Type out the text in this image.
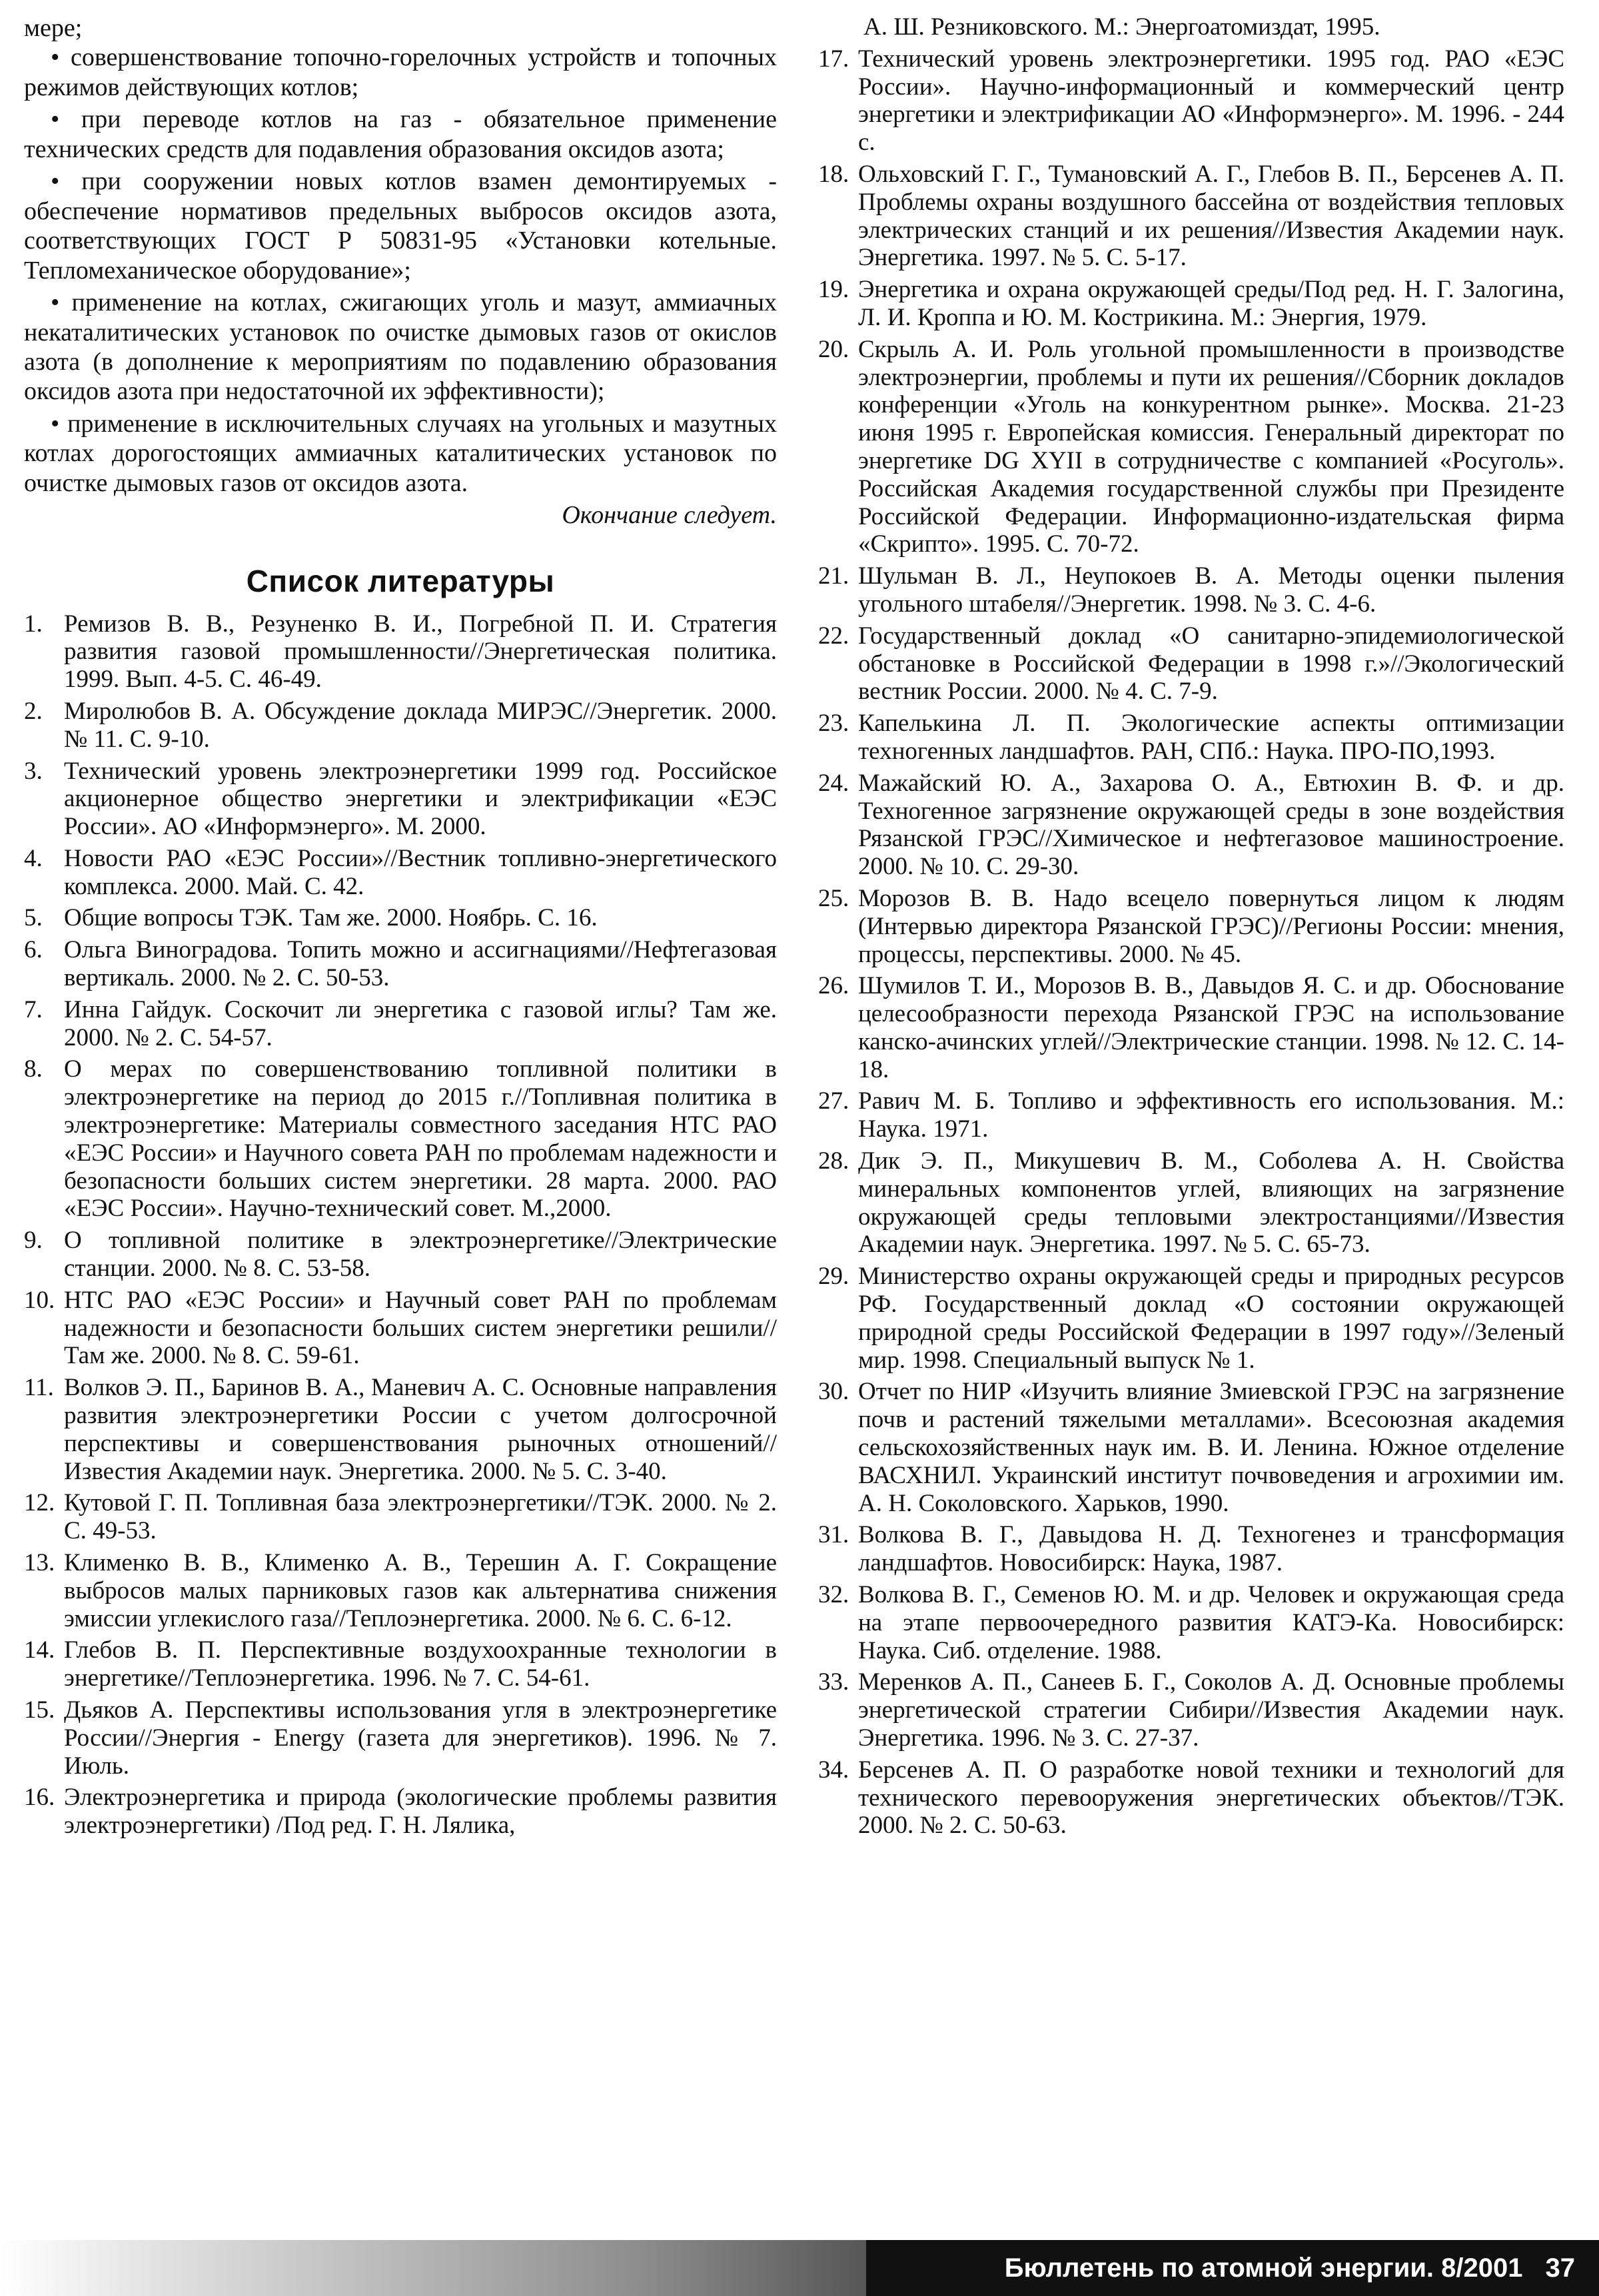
мере;

• совершенствование топочно-горелочных устройств и топочных режимов действующих котлов;

• при переводе котлов на газ - обязательное применение технических средств для подавления образования оксидов азота;

• при сооружении новых котлов взамен демонтируемых - обеспечение нормативов предельных выбросов оксидов азота, соответствующих ГОСТ Р 50831-95 «Установки котельные. Тепломеханическое оборудование»;

• применение на котлах, сжигающих уголь и мазут, аммиачных некаталитических установок по очистке дымовых газов от окислов азота (в дополнение к мероприятиям по подавлению образования оксидов азота при недостаточной их эффективности);

• применение в исключительных случаях на угольных и мазутных котлах дорогостоящих аммиачных каталитических установок по очистке дымовых газов от оксидов азота.

Окончание следует.

Список литературы
1. Ремизов В. В., Резуненко В. И., Погребной П. И. Стратегия развития газовой промышленности//Энергетическая политика. 1999. Вып. 4-5. С. 46-49.
2. Миролюбов В. А. Обсуждение доклада МИРЭС//Энергетик. 2000. № 11. С. 9-10.
3. Технический уровень электроэнергетики 1999 год. Российское акционерное общество энергетики и электрификации «ЕЭС России». АО «Информэнерго». М. 2000.
4. Новости РАО «ЕЭС России»//Вестник топливно-энергетического комплекса. 2000. Май. С. 42.
5. Общие вопросы ТЭК. Там же. 2000. Ноябрь. С. 16.
6. Ольга Виноградова. Топить можно и ассигнациями//Нефтегазовая вертикаль. 2000. № 2. С. 50-53.
7. Инна Гайдук. Соскочит ли энергетика с газовой иглы? Там же. 2000. № 2. С. 54-57.
8. О мерах по совершенствованию топливной политики в электроэнергетике на период до 2015 г.//Топливная политика в электроэнергетике: Материалы совместного заседания НТС РАО «ЕЭС России» и Научного совета РАН по проблемам надежности и безопасности больших систем энергетики. 28 марта. 2000. РАО «ЕЭС России». Научно-технический совет. М.,2000.
9. О топливной политике в электроэнергетике//Электрические станции. 2000. № 8. С. 53-58.
10. НТС РАО «ЕЭС России» и Научный совет РАН по проблемам надежности и безопасности больших систем энергетики решили//Там же. 2000. № 8. С. 59-61.
11. Волков Э. П., Баринов В. А., Маневич А. С. Основные направления развития электроэнергетики России с учетом долгосрочной перспективы и совершенствования рыночных отношений//Известия Академии наук. Энергетика. 2000. № 5. С. 3-40.
12. Кутовой Г. П. Топливная база электроэнергетики//ТЭК. 2000. № 2. С. 49-53.
13. Клименко В. В., Клименко А. В., Терешин А. Г. Сокращение выбросов малых парниковых газов как альтернатива снижения эмиссии углекислого газа//Теплоэнергетика. 2000. № 6. С. 6-12.
14. Глебов В. П. Перспективные воздухоохранные технологии в энергетике//Теплоэнергетика. 1996. № 7. С. 54-61.
15. Дьяков А. Перспективы использования угля в электроэнергетике России//Энергия - Energy (газета для энергетиков). 1996. № 7. Июль.
16. Электроэнергетика и природа (экологические проблемы развития электроэнергетики) /Под ред. Г. Н. Лялика,

А. Ш. Резниковского. М.: Энергоатомиздат, 1995.

17. Технический уровень электроэнергетики. 1995 год. РАО «ЕЭС России». Научно-информационный и коммерческий центр энергетики и электрификации АО «Информэнерго». М. 1996. - 244 с.
18. Ольховский Г. Г., Тумановский А. Г., Глебов В. П., Берсенев А. П. Проблемы охраны воздушного бассейна от воздействия тепловых электрических станций и их решения//Известия Академии наук. Энергетика. 1997. № 5. С. 5-17.
19. Энергетика и охрана окружающей среды/Под ред. Н. Г. Залогина, Л. И. Кроппа и Ю. М. Кострикина. М.: Энергия, 1979.
20. Скрыль А. И. Роль угольной промышленности в производстве электроэнергии, проблемы и пути их решения//Сборник докладов конференции «Уголь на конкурентном рынке». Москва. 21-23 июня 1995 г. Европейская комиссия. Генеральный директорат по энергетике DG XYII в сотрудничестве с компанией «Росуголь». Российская Академия государственной службы при Президенте Российской Федерации. Информационно-издательская фирма «Скрипто». 1995. С. 70-72.
21. Шульман В. Л., Неупокоев В. А. Методы оценки пыления угольного штабеля//Энергетик. 1998. № 3. С. 4-6.
22. Государственный доклад «О санитарно-эпидемиологической обстановке в Российской Федерации в 1998 г.»//Экологический вестник России. 2000. № 4. С. 7-9.
23. Капелькина Л. П. Экологические аспекты оптимизации техногенных ландшафтов. РАН, СПб.: Наука. ПРО-ПО,1993.
24. Мажайский Ю. А., Захарова О. А., Евтюхин В. Ф. и др. Техногенное загрязнение окружающей среды в зоне воздействия Рязанской ГРЭС//Химическое и нефтегазовое машиностроение. 2000. № 10. С. 29-30.
25. Морозов В. В. Надо всецело повернуться лицом к людям (Интервью директора Рязанской ГРЭС)//Регионы России: мнения, процессы, перспективы. 2000. № 45.
26. Шумилов Т. И., Морозов В. В., Давыдов Я. С. и др. Обоснование целесообразности перехода Рязанской ГРЭС на использование канско-ачинских углей//Электрические станции. 1998. № 12. С. 14-18.
27. Равич М. Б. Топливо и эффективность его использования. М.: Наука. 1971.
28. Дик Э. П., Микушевич В. М., Соболева А. Н. Свойства минеральных компонентов углей, влияющих на загрязнение окружающей среды тепловыми электростанциями//Известия Академии наук. Энергетика. 1997. № 5. С. 65-73.
29. Министерство охраны окружающей среды и природных ресурсов РФ. Государственный доклад «О состоянии окружающей природной среды Российской Федерации в 1997 году»//Зеленый мир. 1998. Специальный выпуск № 1.
30. Отчет по НИР «Изучить влияние Змиевской ГРЭС на загрязнение почв и растений тяжелыми металлами». Всесоюзная академия сельскохозяйственных наук им. В. И. Ленина. Южное отделение ВАСХНИЛ. Украинский институт почвоведения и агрохимии им. А. Н. Соколовского. Харьков, 1990.
31. Волкова В. Г., Давыдова Н. Д. Техногенез и трансформация ландшафтов. Новосибирск: Наука, 1987.
32. Волкова В. Г., Семенов Ю. М. и др. Человек и окружающая среда на этапе первоочередного развития КАТЭ-Ка. Новосибирск: Наука. Сиб. отделение. 1988.
33. Меренков А. П., Санеев Б. Г., Соколов А. Д. Основные проблемы энергетической стратегии Сибири//Известия Академии наук. Энергетика. 1996. № 3. С. 27-37.
34. Берсенев А. П. О разработке новой техники и технологий для технического перевооружения энергетических объектов//ТЭК. 2000. № 2. С. 50-63.
Бюллетень по атомной энергии. 8/2001 37
